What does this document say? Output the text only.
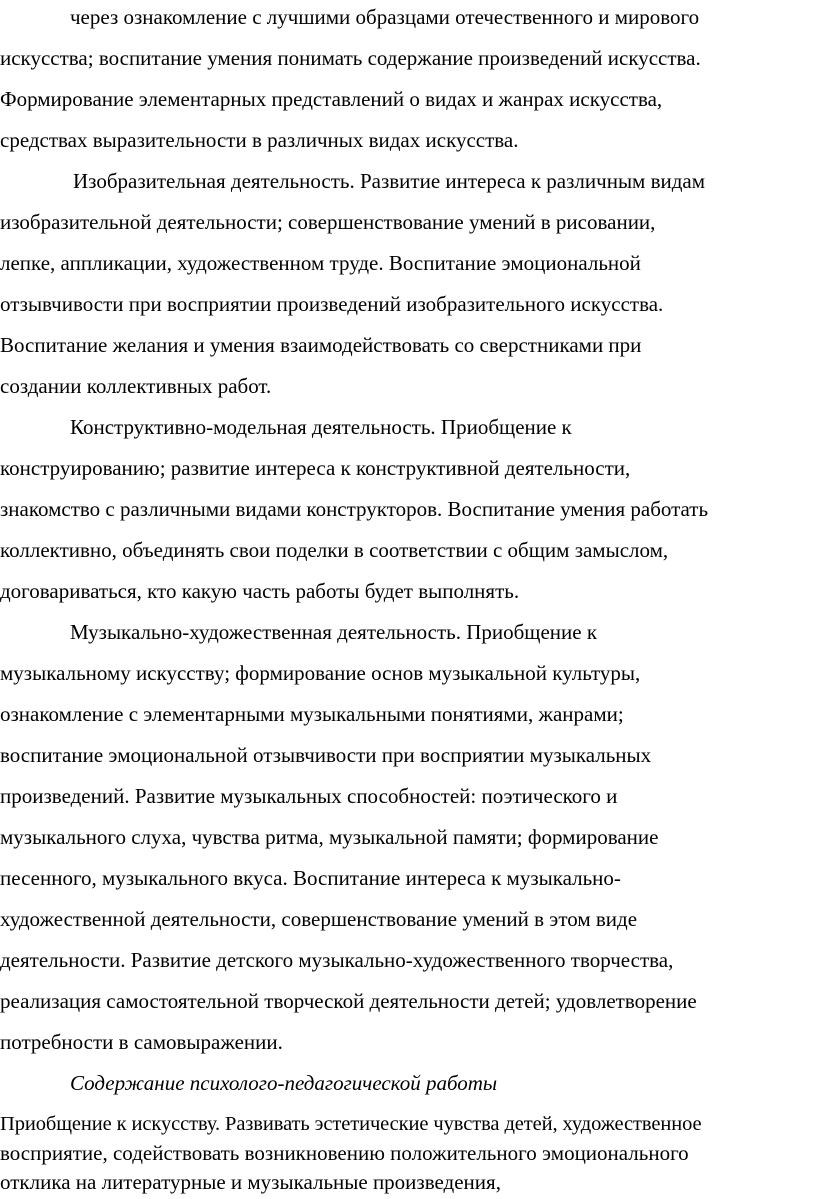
через ознакомление с лучшими образцами отечественного и мирового
искусства; воспитание умения понимать содержание произведений искусства.
Формирование элементарных представлений о видах и жанрах искусства,
средствах выразительности в различных видах искусства.
Изобразительная деятельность. Развитие интереса к различным видам
изобразительной деятельности; совершенствование умений в рисовании,
лепке, аппликации, художественном труде. Воспитание эмоциональной
отзывчивости при восприятии произведений изобразительного искусства.
Воспитание желания и умения взаимодействовать со сверстниками при
создании коллективных работ.
Конструктивно-модельная деятельность. Приобщение к
конструированию; развитие интереса к конструктивной деятельности,
знакомство с различными видами конструкторов. Воспитание умения работать
коллективно, объединять свои поделки в соответствии с общим замыслом,
договариваться, кто какую часть работы будет выполнять.
Музыкально-художественная деятельность. Приобщение к
музыкальному искусству; формирование основ музыкальной культуры,
ознакомление с элементарными музыкальными понятиями, жанрами;
воспитание эмоциональной отзывчивости при восприятии музыкальных
произведений. Развитие музыкальных способностей: поэтического и
музыкального слуха, чувства ритма, музыкальной памяти; формирование
песенного, музыкального вкуса. Воспитание интереса к музыкально-
художественной деятельности, совершенствование умений в этом виде
деятельности. Развитие детского музыкально-художественного творчества,
реализация самостоятельной творческой деятельности детей; удовлетворение
потребности в самовыражении.
Содержание психолого-педагогической работы
Приобщение к искусству. Развивать эстетические чувства детей, художественное
восприятие, содействовать возникновению положительного эмоционального
отклика на литературные и музыкальные произведения,
